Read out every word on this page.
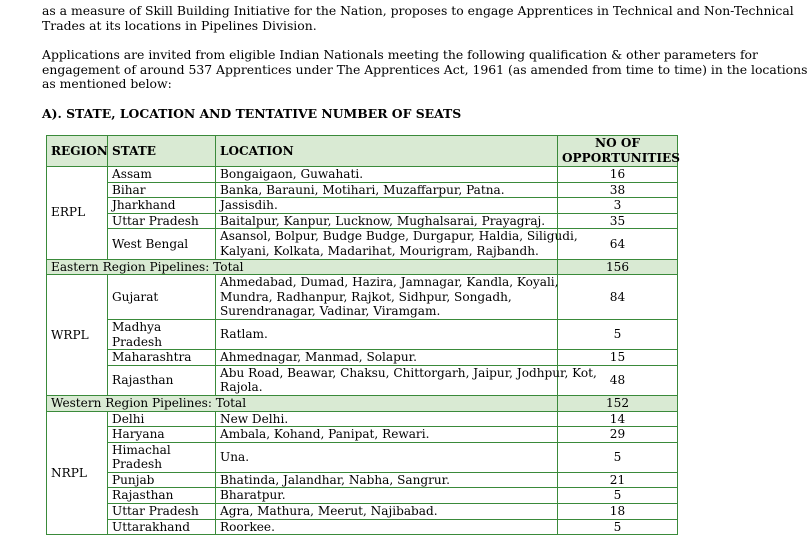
as a measure of Skill Building Initiative for the Nation, proposes to engage Apprentices in Technical and Non-Technical
Trades at its locations in Pipelines Division.
Applications are invited from eligible Indian Nationals meeting the following qualification & other parameters for
engagement of around 537 Apprentices under The Apprentices Act, 1961 (as amended from time to time) in the locations
as mentioned below:
A). STATE, LOCATION AND TENTATIVE NUMBER OF SEATS
REGION	STATE	LOCATION	NO OF
OPPORTUNITIES

ERPL	Assam	Bongaigaon, Guwahati.	16
	Bihar	Banka, Barauni, Motihari, Muzaffarpur, Patna.	38
	Jharkhand	Jassisdih.	3
	Uttar Pradesh	Baitalpur, Kanpur, Lucknow, Mughalsarai, Prayagraj.	35
	West Bengal	Asansol, Bolpur, Budge Budge, Durgapur, Haldia, Siligudi,
Kalyani, Kolkata, Madarihat, Mourigram, Rajbandh.	64
Eastern Region Pipelines: Total			156
WRPL	Gujarat	Ahmedabad, Dumad, Hazira, Jamnagar, Kandla, Koyali,
Mundra, Radhanpur, Rajkot, Sidhpur, Songadh,
Surendranagar, Vadinar, Viramgam.	84
	Madhya Pradesh	Ratlam.	5
	Maharashtra	Ahmednagar, Manmad, Solapur.	15
	Rajasthan	Abu Road, Beawar, Chaksu, Chittorgarh, Jaipur, Jodhpur, Kot,
Rajola.	48
Western Region Pipelines: Total			152
NRPL	Delhi	New Delhi.	14
	Haryana	Ambala, Kohand, Panipat, Rewari.	29

	Himachal
Pradesh	Una.	5
	Punjab	Bhatinda, Jalandhar, Nabha, Sangrur.	21
	Rajasthan	Bharatpur.	5
	Uttar Pradesh	Agra, Mathura, Meerut, Najibabad.	18
	Uttarakhand	Roorkee.	5
